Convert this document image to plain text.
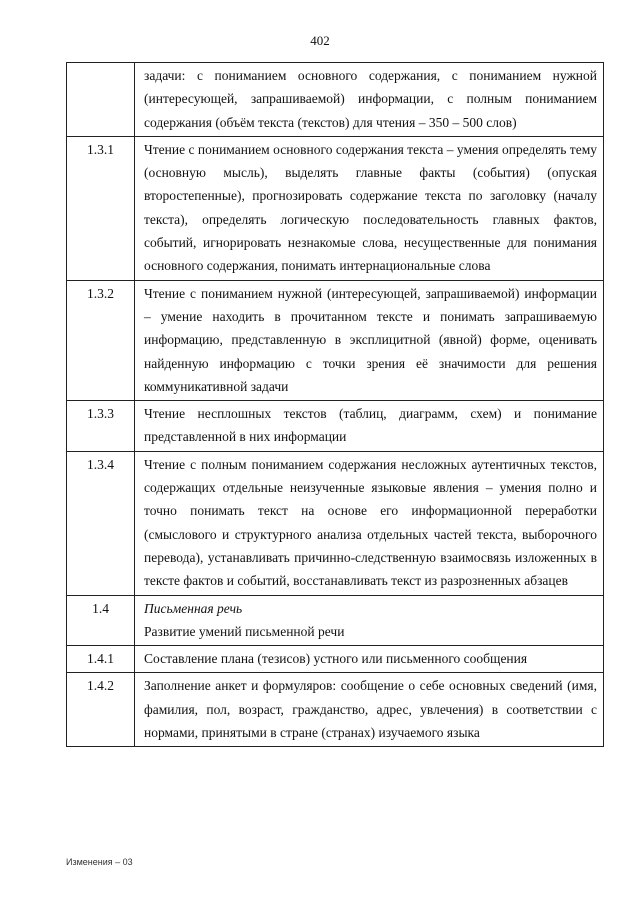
402

задачи: с пониманием основного содержания, с пониманием нужной (интересующей, запрашиваемой) информации, с полным пониманием содержания (объём текста (текстов) для чтения – 350 – 500 слов)

1.3.1	Чтение с пониманием основного содержания текста – умения определять тему (основную мысль), выделять главные факты (события) (опуская второстепенные), прогнозировать содержание текста по заголовку (началу текста), определять логическую последовательность главных фактов, событий, игнорировать незнакомые слова, несущественные для понимания основного содержания, понимать интернациональные слова

1.3.2	Чтение с пониманием нужной (интересующей, запрашиваемой) информации – умение находить в прочитанном тексте и понимать запрашиваемую информацию, представленную в эксплицитной (явной) форме, оценивать найденную информацию с точки зрения её значимости для решения коммуникативной задачи

1.3.3	Чтение несплошных текстов (таблиц, диаграмм, схем) и понимание представленной в них информации

1.3.4	Чтение с полным пониманием содержания несложных аутентичных текстов, содержащих отдельные неизученные языковые явления – умения полно и точно понимать текст на основе его информационной переработки (смыслового и структурного анализа отдельных частей текста, выборочного перевода), устанавливать причинно-следственную взаимосвязь изложенных в тексте фактов и событий, восстанавливать текст из разрозненных абзацев

1.4	Письменная речь

Развитие умений письменной речи

1.4.1	Составление плана (тезисов) устного или письменного сообщения

1.4.2	Заполнение анкет и формуляров: сообщение о себе основных сведений (имя, фамилия, пол, возраст, гражданство, адрес, увлечения) в соответствии с нормами, принятыми в стране (странах) изучаемого языка

Изменения – 03
